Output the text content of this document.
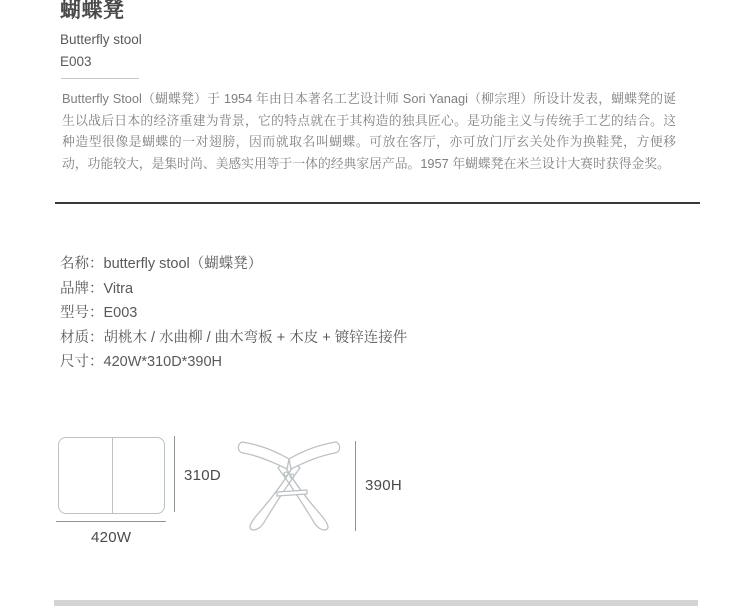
蝴蝶凳
Butterfly stool
E003

Butterfly Stool（蝴蝶凳）于 1954 年由日本著名工艺设计师 Sori Yanagi（柳宗理）所设计发表，蝴蝶凳的诞生以战后日本的经济重建为背景，它的特点就在于其构造的独具匠心。是功能主义与传统手工艺的结合。这种造型很像是蝴蝶的一对翅膀，因而就取名叫蝴蝶。可放在客厅，亦可放门厅玄关处作为换鞋凳，方便移动，功能较大，是集时尚、美感实用等于一体的经典家居产品。1957 年蝴蝶凳在米兰设计大赛时获得金奖。

名称：butterfly stool（蝴蝶凳）
品牌：Vitra
型号：E003
材质：胡桃木 / 水曲柳 / 曲木弯板 + 木皮 + 镀锌连接件
尺寸：420W*310D*390H
310D
420W
390H
